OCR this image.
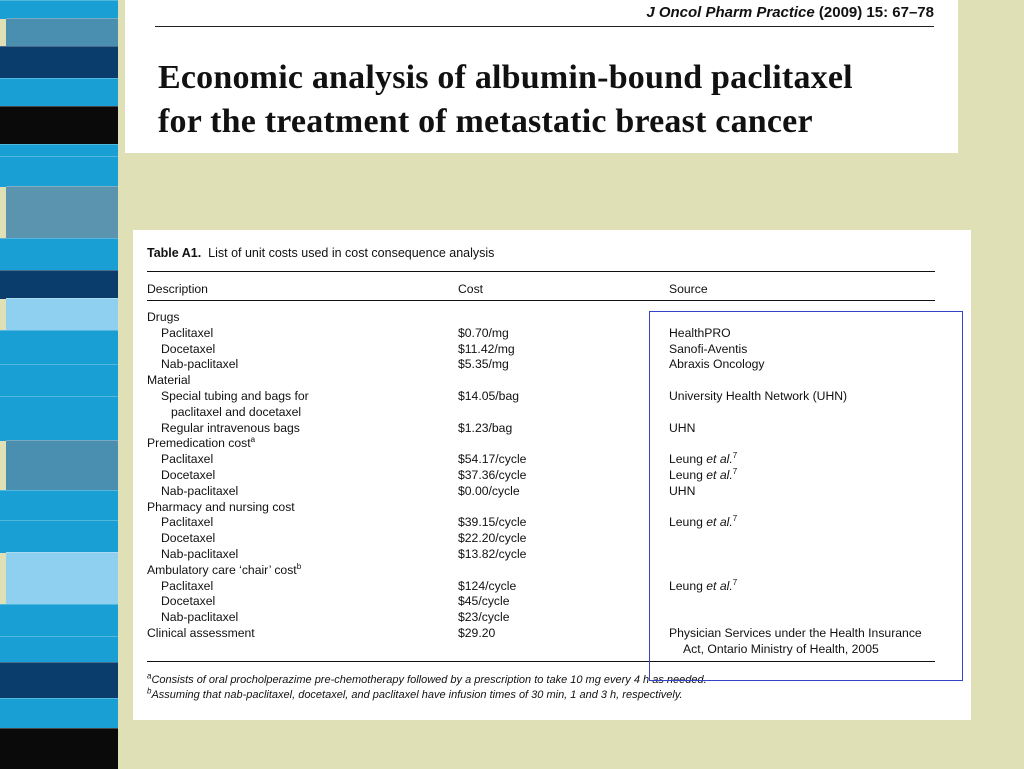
J Oncol Pharm Practice (2009) 15: 67–78
Economic analysis of albumin-bound paclitaxel
for the treatment of metastatic breast cancer
Table A1. List of unit costs used in cost consequence analysis
Description	Cost	Source
Drugs
Paclitaxel	$0.70/mg	HealthPRO
Docetaxel	$11.42/mg	Sanofi-Aventis
Nab-paclitaxel	$5.35/mg	Abraxis Oncology
Material
Special tubing and bags for	$14.05/bag	University Health Network (UHN)
paclitaxel and docetaxel
Regular intravenous bags	$1.23/bag	UHN
Premedication cost$^a$
Paclitaxel	$54.17/cycle	Leung et al.$^7$
Docetaxel	$37.36/cycle	Leung et al.$^7$
Nab-paclitaxel	$0.00/cycle	UHN
Pharmacy and nursing cost
Paclitaxel	$39.15/cycle	Leung et al.$^7$
Docetaxel	$22.20/cycle
Nab-paclitaxel	$13.82/cycle
Ambulatory care ‘chair’ cost$^b$
Paclitaxel	$124/cycle	Leung et al.$^7$
Docetaxel	$45/cycle
Nab-paclitaxel	$23/cycle
Clinical assessment	$29.20	Physician Services under the Health Insurance
Act, Ontario Ministry of Health, 2005
$^a$Consists of oral procholperazime pre-chemotherapy followed by a prescription to take 10 mg every 4 h as needed.
$^b$Assuming that nab-paclitaxel, docetaxel, and paclitaxel have infusion times of 30 min, 1 and 3 h, respectively.
